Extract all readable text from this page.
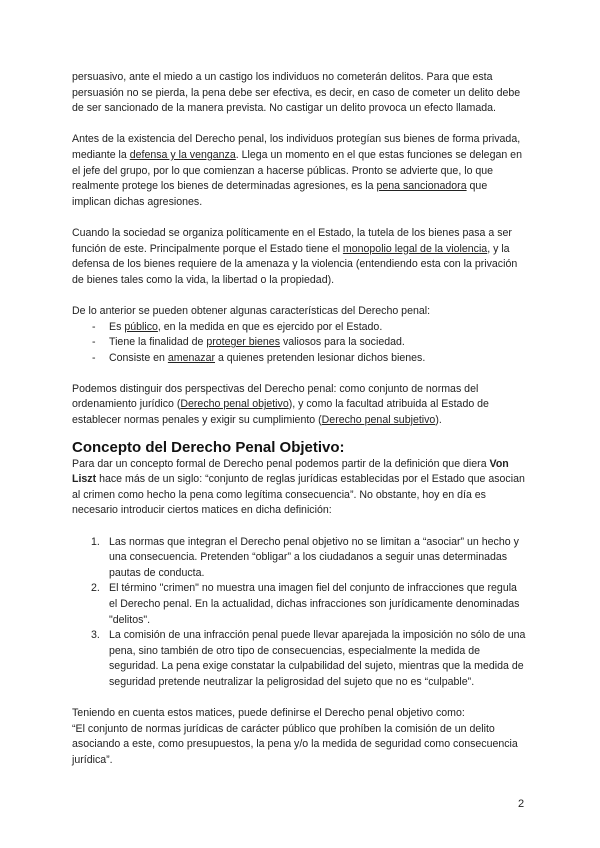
persuasivo, ante el miedo a un castigo los individuos no cometerán delitos. Para que esta persuasión no se pierda, la pena debe ser efectiva, es decir, en caso de cometer un delito debe de ser sancionado de la manera prevista. No castigar un delito provoca un efecto llamada.

Antes de la existencia del Derecho penal, los individuos protegían sus bienes de forma privada, mediante la defensa y la venganza. Llega un momento en el que estas funciones se delegan en el jefe del grupo, por lo que comienzan a hacerse públicas. Pronto se advierte que, lo que realmente protege los bienes de determinadas agresiones, es la pena sancionadora que implican dichas agresiones.

Cuando la sociedad se organiza políticamente en el Estado, la tutela de los bienes pasa a ser función de este. Principalmente porque el Estado tiene el monopolio legal de la violencia, y la defensa de los bienes requiere de la amenaza y la violencia (entendiendo esta con la privación de bienes tales como la vida, la libertad o la propiedad).

De lo anterior se pueden obtener algunas características del Derecho penal:

- Es público, en la medida en que es ejercido por el Estado.
- Tiene la finalidad de proteger bienes valiosos para la sociedad.
- Consiste en amenazar a quienes pretenden lesionar dichos bienes.

Podemos distinguir dos perspectivas del Derecho penal: como conjunto de normas del ordenamiento jurídico (Derecho penal objetivo), y como la facultad atribuida al Estado de establecer normas penales y exigir su cumplimiento (Derecho penal subjetivo).

Concepto del Derecho Penal Objetivo:

Para dar un concepto formal de Derecho penal podemos partir de la definición que diera Von Liszt hace más de un siglo: “conjunto de reglas jurídicas establecidas por el Estado que asocian al crimen como hecho la pena como legítima consecuencia”. No obstante, hoy en día es necesario introducir ciertos matices en dicha definición:

1. Las normas que integran el Derecho penal objetivo no se limitan a “asociar” un hecho y una consecuencia. Pretenden “obligar” a los ciudadanos a seguir unas determinadas pautas de conducta.
2. El término "crimen" no muestra una imagen fiel del conjunto de infracciones que regula el Derecho penal. En la actualidad, dichas infracciones son jurídicamente denominadas "delitos".
3. La comisión de una infracción penal puede llevar aparejada la imposición no sólo de una pena, sino también de otro tipo de consecuencias, especialmente la medida de seguridad. La pena exige constatar la culpabilidad del sujeto, mientras que la medida de seguridad pretende neutralizar la peligrosidad del sujeto que no es “culpable”.

Teniendo en cuenta estos matices, puede definirse el Derecho penal objetivo como:

“El conjunto de normas jurídicas de carácter público que prohíben la comisión de un delito asociando a este, como presupuestos, la pena y/o la medida de seguridad como consecuencia jurídica”.

2
